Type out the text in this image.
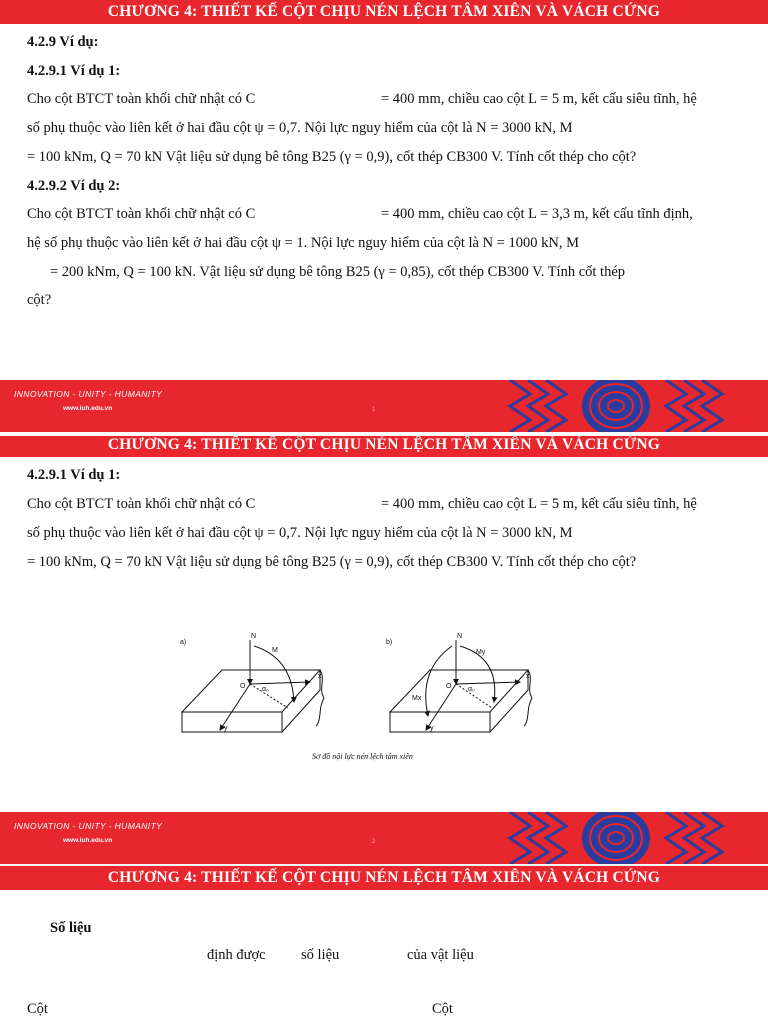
CHƯƠNG 4: THIẾT KẾ CỘT CHỊU NÉN LỆCH TÂM XIÊN VÀ VÁCH CỨNG
4.2.9 Ví dụ:
4.2.9.1 Ví dụ 1:
Cho cột BTCT toàn khối chữ nhật có C	= 400 mm, chiều cao cột L = 5 m, kết cấu siêu tĩnh, hệ
số phụ thuộc vào liên kết ở hai đầu cột ψ = 0,7. Nội lực nguy hiểm của cột là N = 3000 kN, M
= 100 kNm, Q = 70 kN Vật liệu sử dụng bê tông B25 (γ = 0,9), cốt thép CB300 V. Tính cốt thép cho cột?
4.2.9.2 Ví dụ 2:
Cho cột BTCT toàn khối chữ nhật có C	= 400 mm, chiều cao cột L = 3,3 m, kết cấu tĩnh định,
hệ số phụ thuộc vào liên kết ở hai đầu cột ψ = 1. Nội lực nguy hiểm của cột là N = 1000 kN, M
= 200 kNm, Q = 100 kN. Vật liệu sử dụng bê tông B25 (γ = 0,85), cốt thép CB300 V. Tính cốt thép
cột?
INNOVATION - UNITY - HUMANITY
www.iuh.edu.vn	1
CHƯƠNG 4: THIẾT KẾ CỘT CHỊU NÉN LỆCH TÂM XIÊN VÀ VÁCH CỨNG
4.2.9.1 Ví dụ 1:
Cho cột BTCT toàn khối chữ nhật có C	= 400 mm, chiều cao cột L = 5 m, kết cấu siêu tĩnh, hệ
số phụ thuộc vào liên kết ở hai đầu cột ψ = 0,7. Nội lực nguy hiểm của cột là N = 3000 kN, M
= 100 kNm, Q = 70 kN Vật liệu sử dụng bê tông B25 (γ = 0,9), cốt thép CB300 V. Tính cốt thép cho cột?
a)
N
M
O
x
y
α₀
b)
N
My
Mx
O
x
y
α₀
Sơ đồ nội lực nén lệch tâm xiên
INNOVATION - UNITY - HUMANITY
www.iuh.edu.vn	2
CHƯƠNG 4: THIẾT KẾ CỘT CHỊU NÉN LỆCH TÂM XIÊN VÀ VÁCH CỨNG
Số liệu
định được số liệu	của vật liệu
Cột	Cột
